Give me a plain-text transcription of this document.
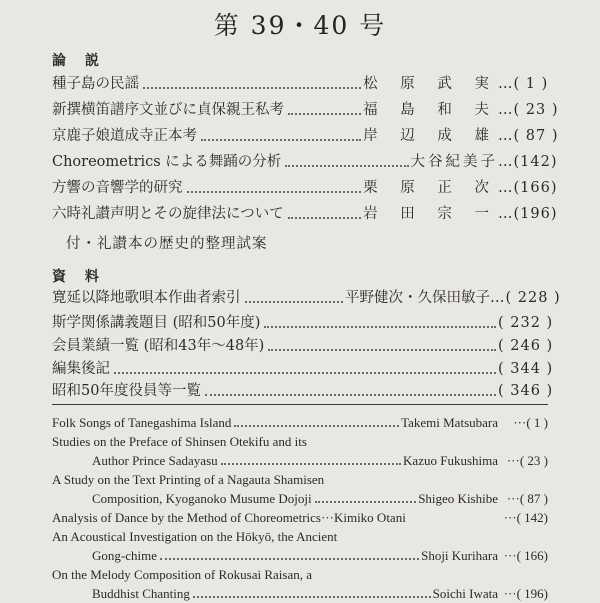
第 39・40 号
論 説
種子島の民謡	松 原 武 実 …( 1 )
新撰横笛譜序文並びに貞保親王私考	福 島 和 夫 …( 23 )
京鹿子娘道成寺正本考	岸 辺 成 雄 …( 87 )
Choreometrics による舞踊の分析	大谷紀美子 …(142)
方響の音響学的研究	栗 原 正 次 …(166)
六時礼讃声明とその旋律法について	岩 田 宗 一 …(196)
付・礼讃本の歴史的整理試案
資 料
寛延以降地歌唄本作曲者索引	平野健次・久保田敏子 …( 228 )
斯学関係講義題目 (昭和50年度)	( 232 )
会員業績一覧 (昭和43年〜48年)	( 246 )
編集後記	( 344 )
昭和50年度役員等一覧	( 346 )
Folk Songs of Tanegashima Island	Takemi Matsubara	···( 1 )
Studies on the Preface of Shinsen Otekifu and its
Author Prince Sadayasu	Kazuo Fukushima ···( 23 )
A Study on the Text Printing of a Nagauta Shamisen
Composition, Kyoganoko Musume Dojoji	Shigeo Kishibe ···( 87 )
Analysis of Dance by the Method of Choreometrics ···Kimiko Otani	···( 142)
An Acoustical Investigation on the Hōkyō, the Ancient
Gong-chime	Shoji Kurihara ···( 166)
On the Melody Composition of Rokusai Raisan, a
Buddhist Chanting	Soichi Iwata ···( 196)
